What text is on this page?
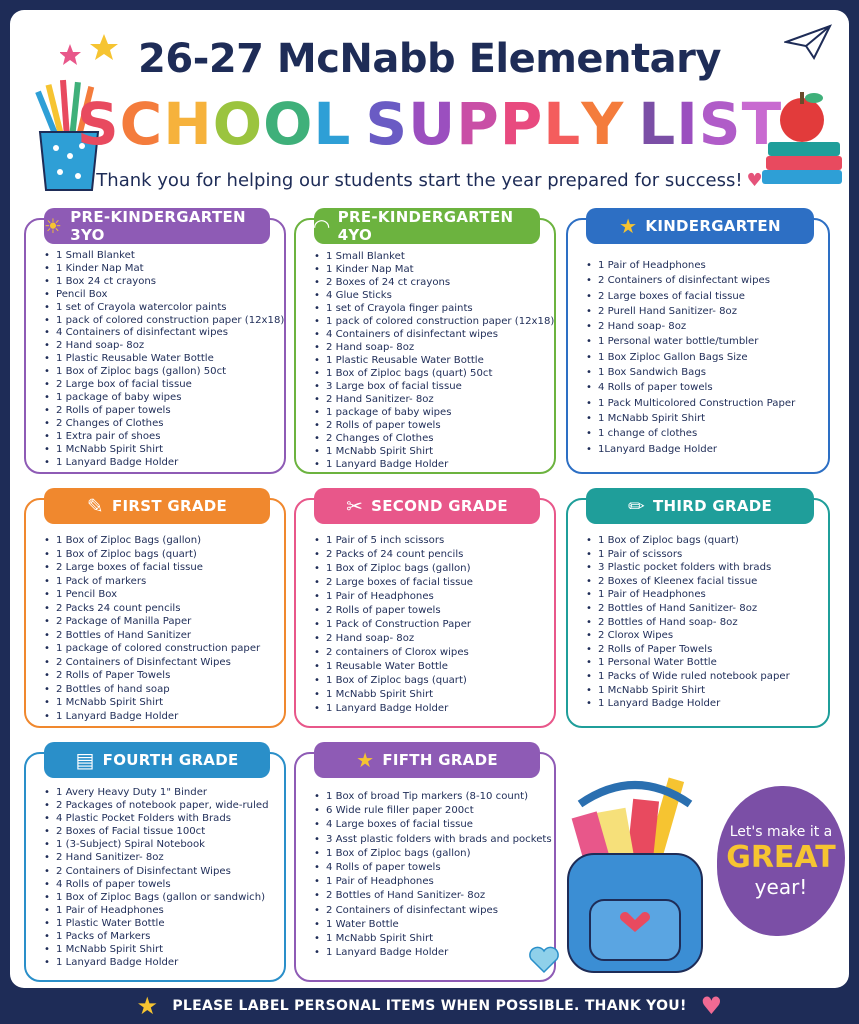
26-27 McNabb Elementary
SCHOOL SUPPLY LIST
Thank you for helping our students start the year prepared for success! ♥
☀ PRE-KINDERGARTEN 3YO
• 1 Small Blanket
• 1 Kinder Nap Mat
• 1 Box 24 ct crayons
• Pencil Box
• 1 set of Crayola watercolor paints
• 1 pack of colored construction paper (12x18)
• 4 Containers of disinfectant wipes
• 2 Hand soap- 8oz
• 1 Plastic Reusable Water Bottle
• 1 Box of Ziploc bags (gallon) 50ct
• 2 Large box of facial tissue
• 1 package of baby wipes
• 2 Rolls of paper towels
• 2 Changes of Clothes
• 1 Extra pair of shoes
• 1 McNabb Spirit Shirt
• 1 Lanyard Badge Holder
◠ PRE-KINDERGARTEN 4YO
• 1 Small Blanket
• 1 Kinder Nap Mat
• 2 Boxes of 24 ct crayons
• 4 Glue Sticks
• 1 set of Crayola finger paints
• 1 pack of colored construction paper (12x18)
• 4 Containers of disinfectant wipes
• 2 Hand soap- 8oz
• 1 Plastic Reusable Water Bottle
• 1 Box of Ziploc bags (quart) 50ct
• 3 Large box of facial tissue
• 2 Hand Sanitizer- 8oz
• 1 package of baby wipes
• 2 Rolls of paper towels
• 2 Changes of Clothes
• 1 McNabb Spirit Shirt
• 1 Lanyard Badge Holder
★ KINDERGARTEN
• 1 Pair of Headphones
• 2 Containers of disinfectant wipes
• 2 Large boxes of facial tissue
• 2 Purell Hand Sanitizer- 8oz
• 2 Hand soap- 8oz
• 1 Personal water bottle/tumbler
• 1 Box Ziploc Gallon Bags Size
• 1 Box Sandwich Bags
• 4 Rolls of paper towels
• 1 Pack Multicolored Construction Paper
• 1 McNabb Spirit Shirt
• 1 change of clothes
• 1Lanyard Badge Holder
✎ FIRST GRADE
• 1 Box of Ziploc Bags (gallon)
• 1 Box of Ziploc bags (quart)
• 2 Large boxes of facial tissue
• 1 Pack of markers
• 1 Pencil Box
• 2 Packs 24 count pencils
• 2 Package of Manilla Paper
• 2 Bottles of Hand Sanitizer
• 1 package of colored construction paper
• 2 Containers of Disinfectant Wipes
• 2 Rolls of Paper Towels
• 2 Bottles of hand soap
• 1 McNabb Spirit Shirt
• 1 Lanyard Badge Holder
✂ SECOND GRADE
• 1 Pair of 5 inch scissors
• 2 Packs of 24 count pencils
• 1 Box of Ziploc bags (gallon)
• 2 Large boxes of facial tissue
• 1 Pair of Headphones
• 2 Rolls of paper towels
• 1 Pack of Construction Paper
• 2 Hand soap- 8oz
• 2 containers of Clorox wipes
• 1 Reusable Water Bottle
• 1 Box of Ziploc bags (quart)
• 1 McNabb Spirit Shirt
• 1 Lanyard Badge Holder
✏ THIRD GRADE
• 1 Box of Ziploc bags (quart)
• 1 Pair of scissors
• 3 Plastic pocket folders with brads
• 2 Boxes of Kleenex facial tissue
• 1 Pair of Headphones
• 2 Bottles of Hand Sanitizer- 8oz
• 2 Bottles of Hand soap- 8oz
• 2 Clorox Wipes
• 2 Rolls of Paper Towels
• 1 Personal Water Bottle
• 1 Packs of Wide ruled notebook paper
• 1 McNabb Spirit Shirt
• 1 Lanyard Badge Holder
▤ FOURTH GRADE
• 1 Avery Heavy Duty 1" Binder
• 2 Packages of notebook paper, wide-ruled
• 4 Plastic Pocket Folders with Brads
• 2 Boxes of Facial tissue 100ct
• 1 (3-Subject) Spiral Notebook
• 2 Hand Sanitizer- 8oz
• 2 Containers of Disinfectant Wipes
• 4 Rolls of paper towels
• 1 Box of Ziploc Bags (gallon or sandwich)
• 1 Pair of Headphones
• 1 Plastic Water Bottle
• 1 Packs of Markers
• 1 McNabb Spirit Shirt
• 1 Lanyard Badge Holder
★ FIFTH GRADE
• 1 Box of broad Tip markers (8-10 count)
• 6 Wide rule filler paper 200ct
• 4 Large boxes of facial tissue
• 3 Asst plastic folders with brads and pockets
• 1 Box of Ziploc bags (gallon)
• 4 Rolls of paper towels
• 1 Pair of Headphones
• 2 Bottles of Hand Sanitizer- 8oz
• 2 Containers of disinfectant wipes
• 1 Water Bottle
• 1 McNabb Spirit Shirt
• 1 Lanyard Badge Holder
Let's make it a
GREAT
year!
★ PLEASE LABEL PERSONAL ITEMS WHEN POSSIBLE. THANK YOU! ♥
